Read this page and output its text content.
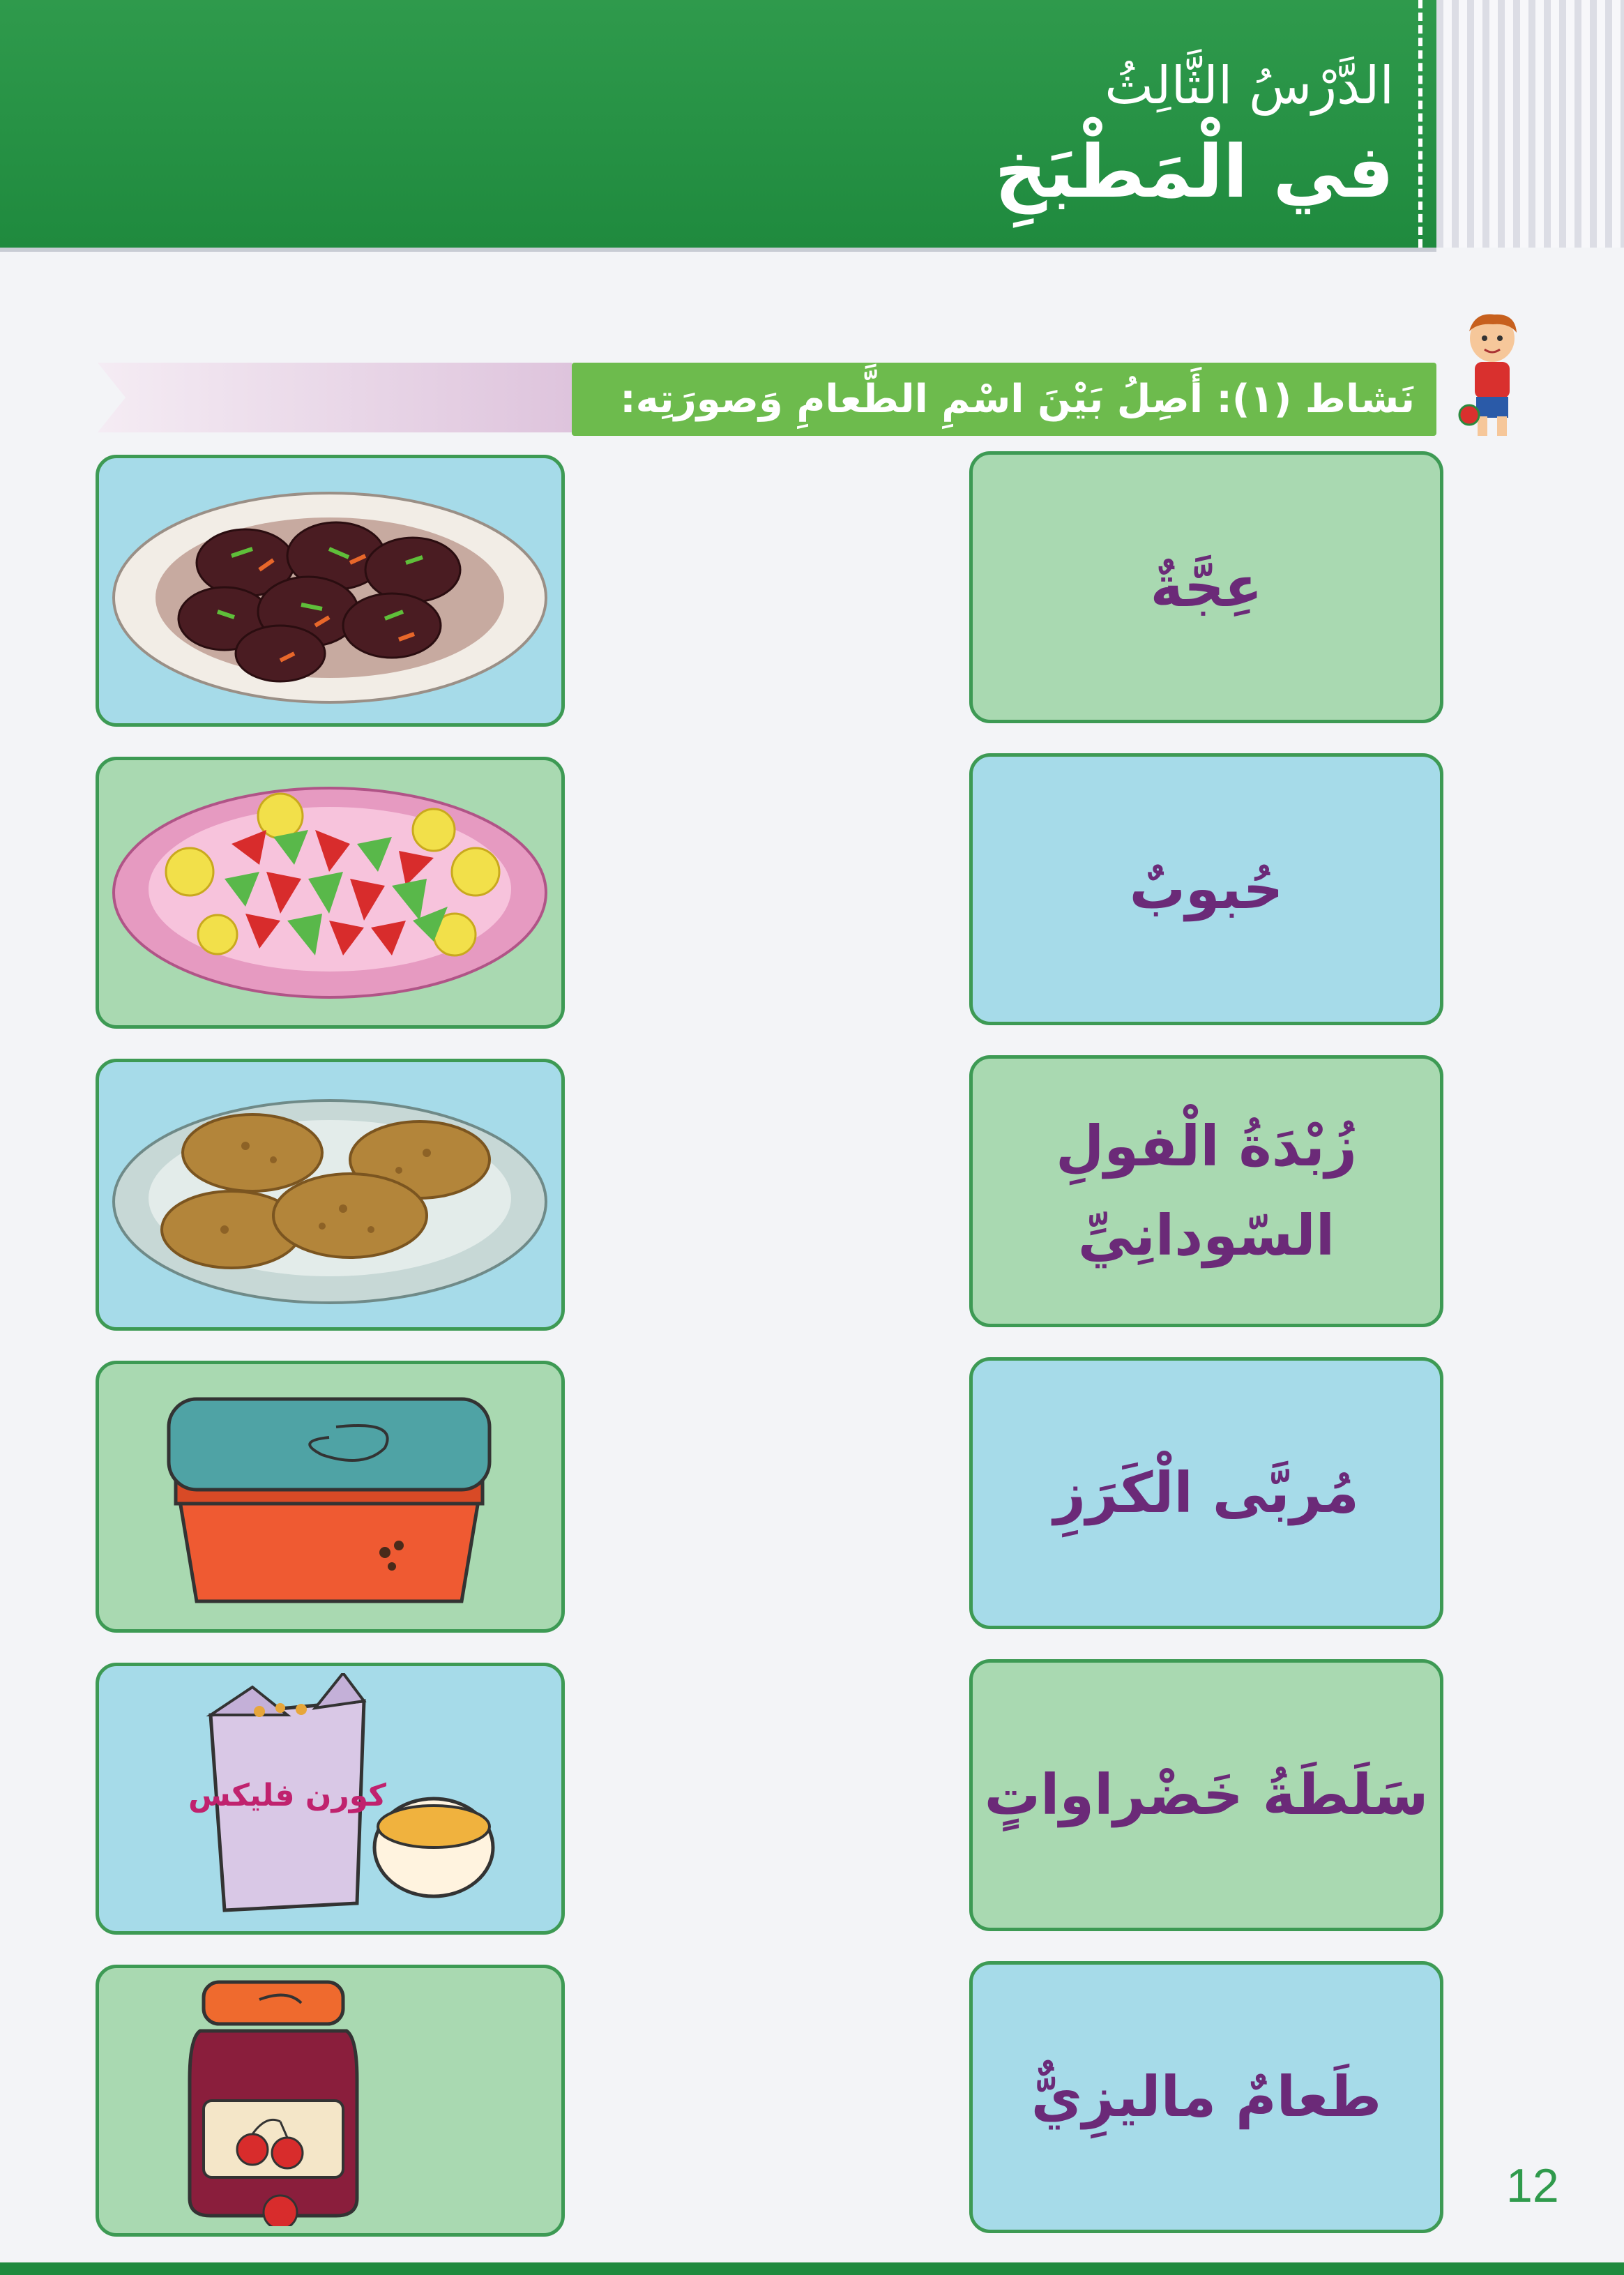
الدَّرْسُ الثَّالِثُ
في الْمَطْبَخِ
نَشاط (١): أَصِلُ بَيْنَ اسْمِ الطَّعامِ وَصورَتِه:
كورن فليكس
عِجَّةٌ
حُبوبٌ
زُبْدَةُ الْفولِ
السّودانِيِّ
مُربَّى الْكَرَزِ
سَلَطَةُ خَضْراواتٍ
طَعامٌ ماليزِيٌّ
12
